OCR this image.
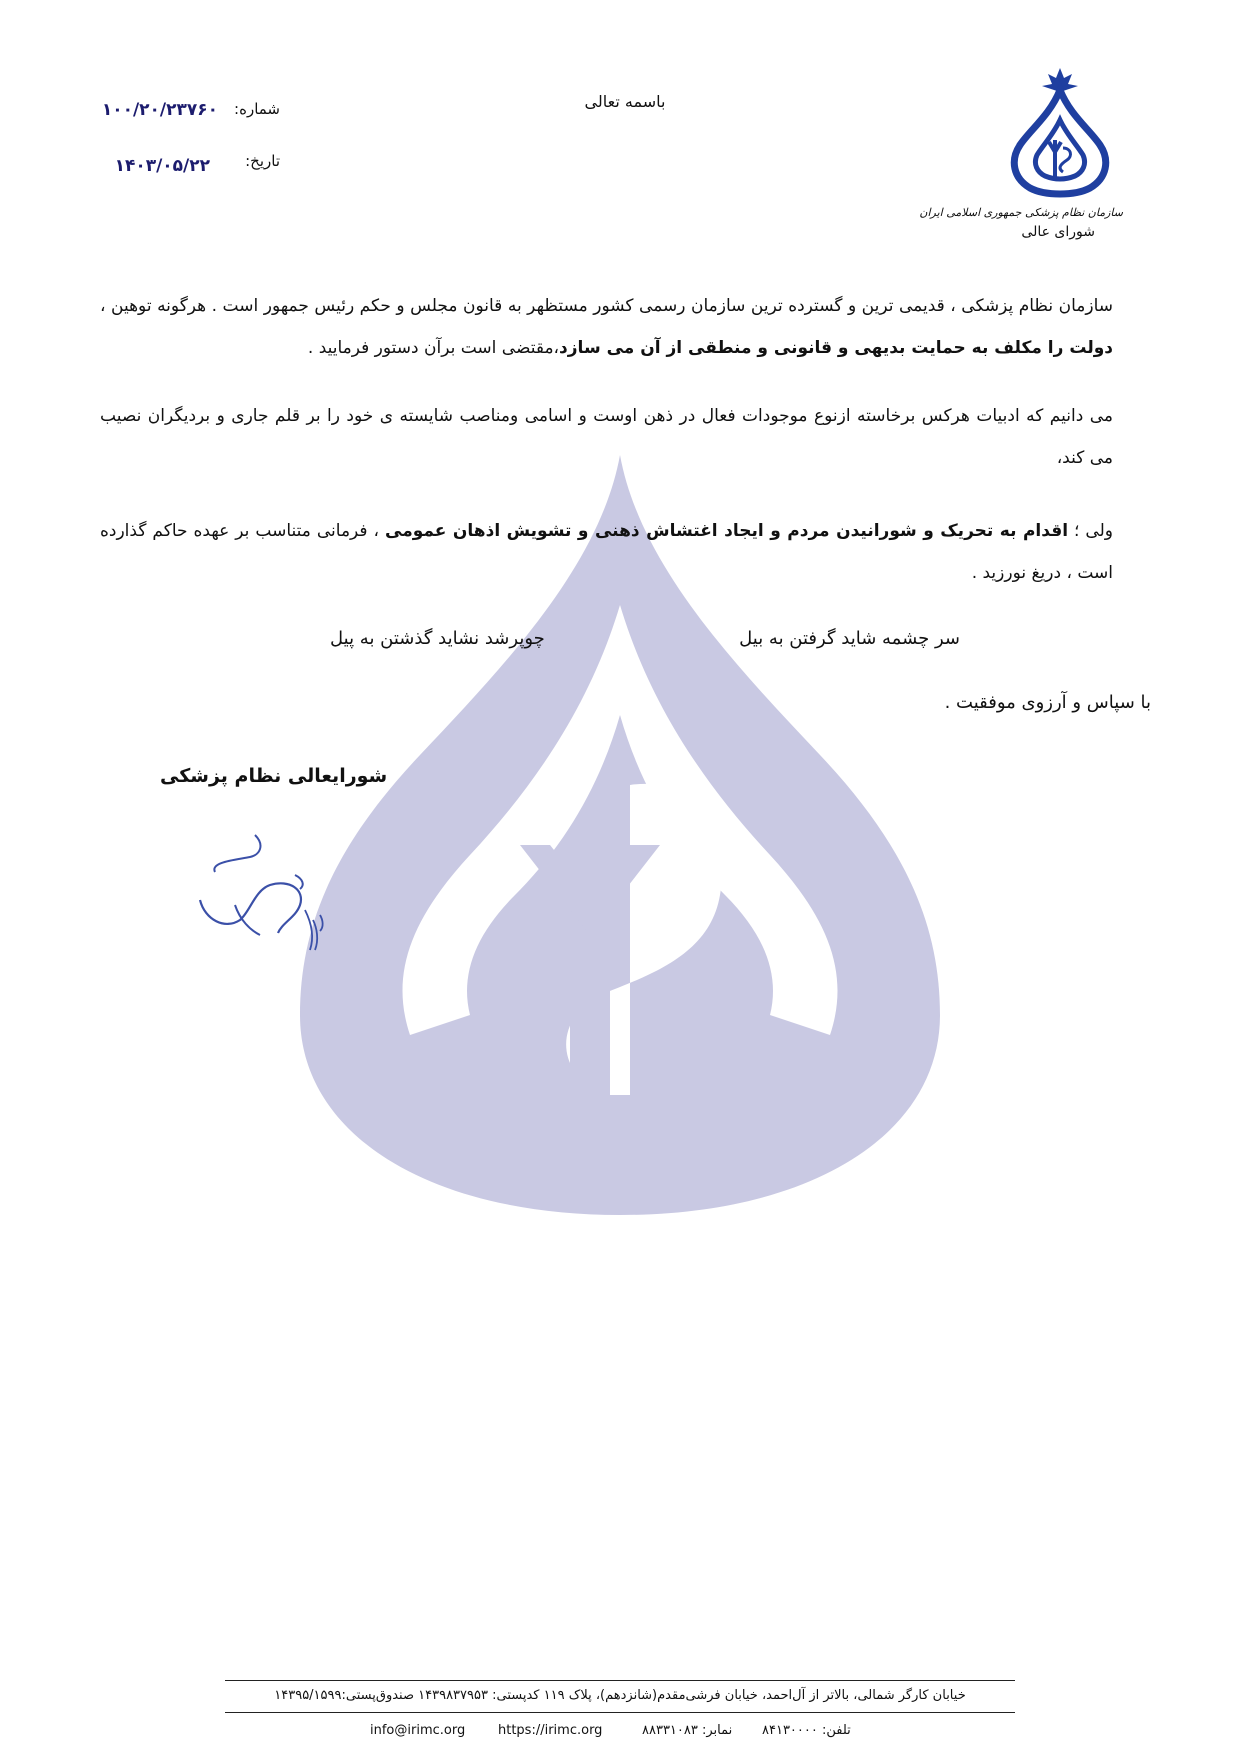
سازمان نظام پزشکی جمهوری اسلامی ایران
شورای عالی
باسمه تعالی
شماره:
۱۰۰/۲۰/۲۳۷۶۰
تاریخ:
۱۴۰۳/۰۵/۲۲

سازمان نظام پزشکی ، قدیمی ترین و گسترده ترین سازمان رسمی کشور مستظهر به قانون مجلس و حکم رئیس جمهور است . هرگونه توهین ، دولت را مکلف به حمایت بدیهی و قانونی و منطقی از آن می سازد،مقتضی است برآن دستور فرمایید .

می دانیم که ادبیات هرکس برخاسته ازنوع موجودات فعال در ذهن اوست و اسامی ومناصب شایسته ی خود را بر قلم جاری و بردیگران نصیب می کند،

ولی ؛ اقدام به تحریک و شورانیدن مردم و ایجاد اغتشاش ذهنی و تشویش اذهان عمومی ، فرمانی متناسب بر عهده حاکم گذارده است ، دریغ نورزید .

سر چشمه شاید گرفتن به بیل
چوپرشد نشاید گذشتن به پیل
با سپاس و آرزوی موفقیت .
شورایعالی نظام پزشکی
خیابان کارگر شمالی، بالاتر از آل‌احمد، خیابان فرشی‌مقدم(شانزدهم)، پلاک ۱۱۹ کدپستی: ۱۴۳۹۸۳۷۹۵۳ صندوق‌پستی:۱۴۳۹۵/۱۵۹۹
info@irimc.org	https://irimc.org	نمابر: ۸۸۳۳۱۰۸۳ تلفن: ۸۴۱۳۰۰۰۰
